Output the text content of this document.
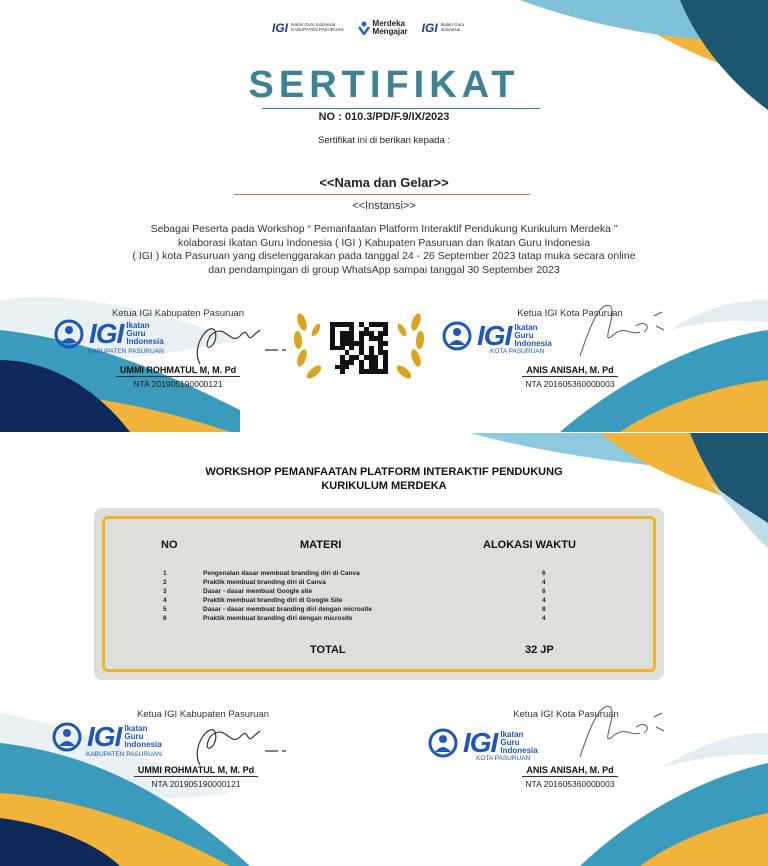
IGI Ikatan Guru Indonesia
KABUPATEN PASURUAN
Merdeka
Mengajar IGI Ikatan Guru Indonesia
SERTIFIKAT
NO : 010.3/PD/F.9/IX/2023
Sertifikat ini di berikan kepada :
<<Nama dan Gelar>>
<<Instansi>>
Sebagai Peserta pada Workshop “ Pemanfaatan Platform Interaktif Pendukung Kurikulum Merdeka ”
kolaborasi Ikatan Guru Indonesia ( IGI ) Kabupaten Pasuruan dan Ikatan Guru Indonesia
( IGI ) kota Pasuruan yang diselenggarakan pada tanggal 24 - 26 September 2023 tatap muka secara online
dan pendampingan di group WhatsApp sampai tanggal 30 September 2023
Ketua IGI Kabupaten Pasuruan
IGI Ikatan
Guru
Indonesia
KABUPATEN PASURUAN
UMMI ROHMATUL M, M. Pd
NTA 201905190000121
Ketua IGI Kota Pasuruan
IGI Ikatan
Guru
Indonesia
KOTA PASURUAN
ANIS ANISAH, M. Pd
NTA 201605360000003
WORKSHOP PEMANFAATAN PLATFORM INTERAKTIF PENDUKUNG
KURIKULUM MERDEKA
NO	MATERI	ALOKASI WAKTU
1	Pengenalan dasar membuat branding diri di Canva	6
2	Praktik membuat branding diri di Canva	4
3	Dasar - dasar membuat Google site	6
4	Praktik membuat branding diri di Google Site	4
5	Dasar - dasar membuat branding diri dengan microsite	8
6	Praktik membuat branding diri dengan microsite	4
TOTAL	32 JP
Ketua IGI Kabupaten Pasuruan
IGI Ikatan
Guru
Indonesia
KABUPATEN PASURUAN
UMMI ROHMATUL M, M. Pd
NTA 201905190000121
Ketua IGI Kota Pasuruan
IGI Ikatan
Guru
Indonesia
KOTA PASURUAN
ANIS ANISAH, M. Pd
NTA 201605360000003
